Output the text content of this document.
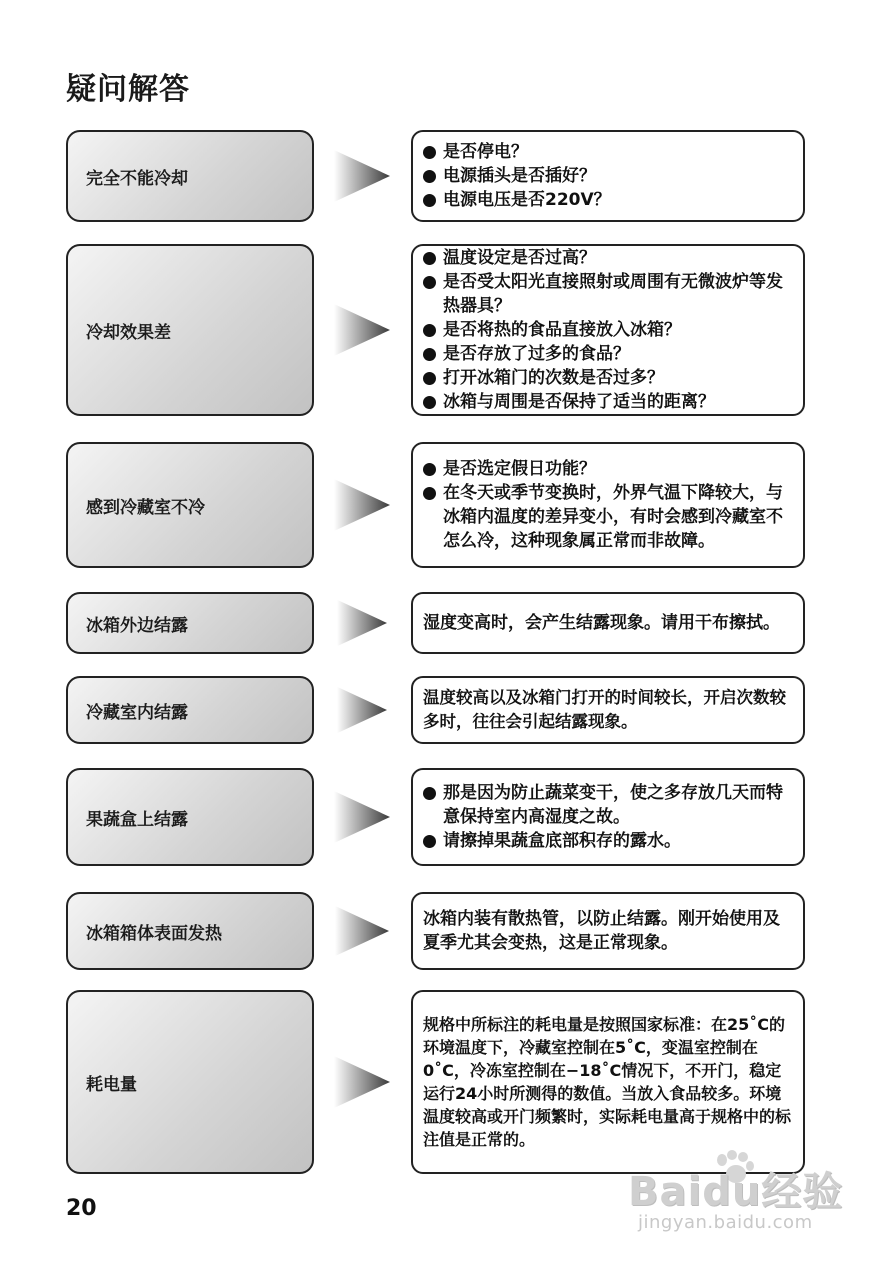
疑问解答
完全不能冷却
是否停电？
电源插头是否插好？
电源电压是否220V？
冷却效果差
温度设定是否过高？
是否受太阳光直接照射或周围有无微波炉等发热器具？
是否将热的食品直接放入冰箱？
是否存放了过多的食品？
打开冰箱门的次数是否过多？
冰箱与周围是否保持了适当的距离？
感到冷藏室不冷
是否选定假日功能？
在冬天或季节变换时，外界气温下降较大，与冰箱内温度的差异变小，有时会感到冷藏室不怎么冷，这种现象属正常而非故障。
冰箱外边结露	湿度变高时，会产生结露现象。请用干布擦拭。

冷藏室内结露

温度较高以及冰箱门打开的时间较长，开启次数较多时，往往会引起结露现象。

果蔬盒上结露
那是因为防止蔬菜变干，使之多存放几天而特意保持室内高湿度之故。
请擦掉果蔬盒底部积存的露水。
冰箱箱体表面发热

冰箱内装有散热管，以防止结露。刚开始使用及夏季尤其会变热，这是正常现象。

耗电量

规格中所标注的耗电量是按照国家标准：在25˚C的环境温度下，冷藏室控制在5˚C，变温室控制在0˚C，冷冻室控制在−18˚C情况下，不开门，稳定运行24小时所测得的数值。当放入食品较多。环境温度较高或开门频繁时，实际耗电量高于规格中的标注值是正常的。

20	Baidu经验
jingyan.baidu.com
